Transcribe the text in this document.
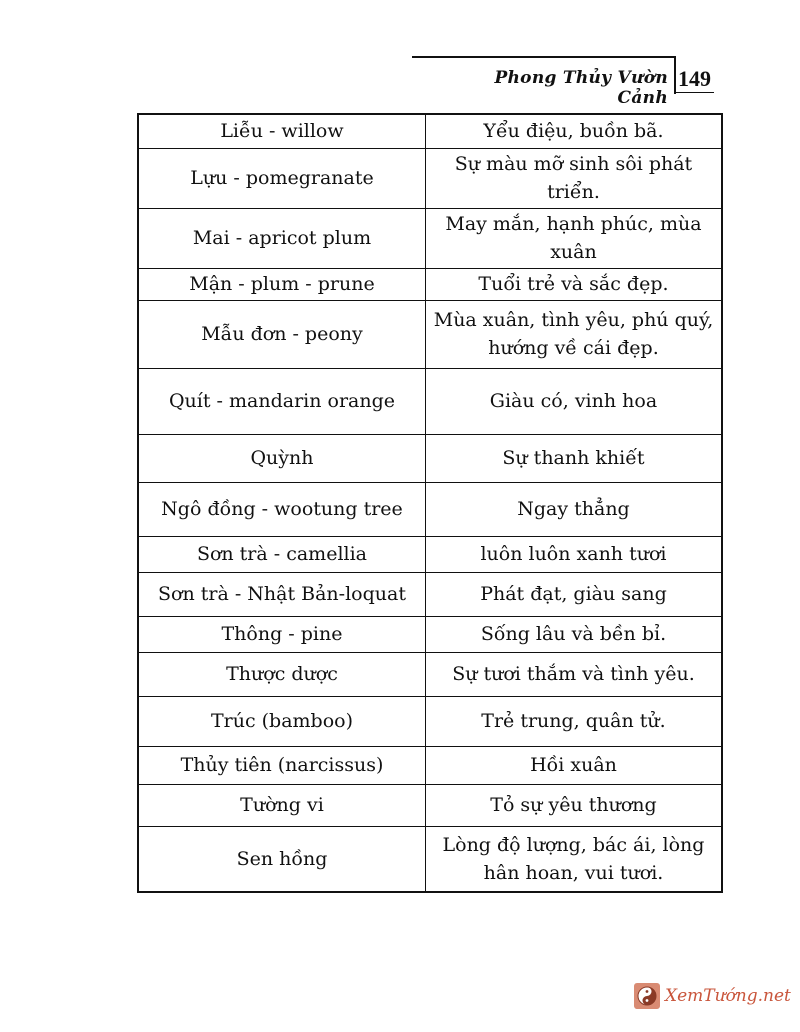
Phong Thủy Vườn Cảnh
149
Liễu - willow	Yểu điệu, buồn bã.
Lựu - pomegranate	Sự màu mỡ sinh sôi phát triển.
Mai - apricot plum	May mắn, hạnh phúc, mùa xuân
Mận - plum - prune	Tuổi trẻ và sắc đẹp.
Mẫu đơn - peony	Mùa xuân, tình yêu, phú quý, hướng về cái đẹp.
Quít - mandarin orange	Giàu có, vinh hoa
Quỳnh	Sự thanh khiết
Ngô đồng - wootung tree	Ngay thẳng
Sơn trà - camellia	luôn luôn xanh tươi
Sơn trà - Nhật Bản-loquat	Phát đạt, giàu sang
Thông - pine	Sống lâu và bền bỉ.
Thược dược	Sự tươi thắm và tình yêu.
Trúc (bamboo)	Trẻ trung, quân tử.
Thủy tiên (narcissus)	Hồi xuân
Tường vi	Tỏ sự yêu thương
Sen hồng	Lòng độ lượng, bác ái, lòng hân hoan, vui tươi.
XemTướng.net
